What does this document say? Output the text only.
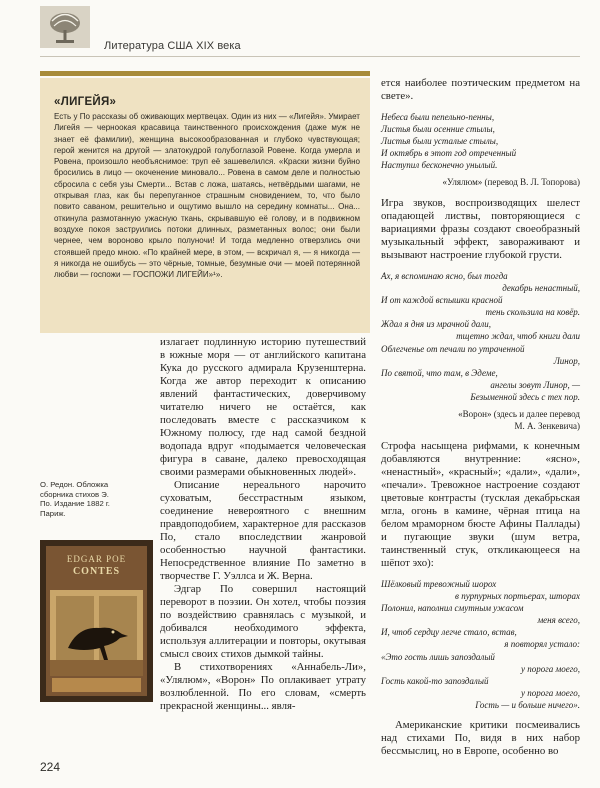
Литература США XIX века
«ЛИГЕЙЯ»

Есть у По рассказы об оживающих мертвецах. Один из них — «Лигейя». Умирает Лигейя — черноокая красавица таинственного происхождения (даже муж не знает её фамилии), женщина высокообразованная и глубоко чувствующая; герой женится на другой — златокудрой голубоглазой Ровене. Когда умерла и Ровена, произошло необъяснимое: труп её зашевелился. «Краски жизни буйно бросились в лицо — окоченение миновало... Ровена в самом деле и полностью сбросила с себя узы Смерти... Встав с ложа, шатаясь, нетвёрдыми шагами, не открывая глаз, как бы перепуганное страшным сновидением, то, что было повито саваном, решительно и ощутимо вышло на середину комнаты... Она... откинула размотанную ужасную ткань, скрывавшую её голову, и в подвижном воздухе покоя заструились потоки длинных, разметанных волос; они были чернее, чем вороново крыло полуночи! И тогда медленно отверзлись очи стоявшей предо мною. «По крайней мере, в этом, — вскричал я, — я никогда — я никогда не ошибусь — это чёрные, томные, безумные очи — моей потерянной любви — госпожи — ГОСПОЖИ ЛИГЕЙИ»¹».

излагает подлинную историю путешествий в южные моря — от английского капитана Кука до русского адмирала Крузенштерна. Когда же автор переходит к описанию явлений фантастических, доверчивому читателю ничего не остаётся, как последовать вместе с рассказчиком к Южному полюсу, где над самой бездной водопада вдруг «подымается человеческая фигура в саване, далеко превосходящая своими размерами обыкновенных людей».

Описание нереального нарочито суховатым, бесстрастным языком, соединение невероятного с внешним правдоподобием, характерное для рассказов По, стало впоследствии жанровой особенностью научной фантастики. Непосредственное влияние По заметно в творчестве Г. Уэллса и Ж. Верна.

Эдгар По совершил настоящий переворот в поэзии. Он хотел, чтобы поэзия по воздействию сравнялась с музыкой, и добивался необходимого эффекта, используя аллитерации и повторы, окутывая смысл своих стихов дымкой тайны.

В стихотворениях «Аннабель-Ли», «Улялюм», «Ворон» По оплакивает утрату возлюбленной. По его словам, «смерть прекрасной женщины... явля-

О. Редон. Обложка сборника стихов Э. По. Издание 1882 г. Париж.
EDGAR POE
CONTES

ется наиболее поэтическим предметом на свете».

Небеса были пепельно-пенны,

Листья были осенние стылы,

Листья были усталые стылы,

И октябрь в этот год отреченный

Наступил бесконечно унылый.

«Улялюм» (перевод В. Л. Топорова)

Игра звуков, воспроизводящих шелест опадающей листвы, повторяющиеся с вариациями фразы создают своеобразный музыкальный эффект, завораживают и вызывают настроение глубокой грусти.

Ах, я вспоминаю ясно, был тогда

декабрь ненастный,

И от каждой вспышки красной

тень скользила на ковёр.

Ждал я дня из мрачной дали,

тщетно ждал, чтоб книги дали

Облегченье от печали по утраченной

Линор,

По святой, что там, в Эдеме,

ангелы зовут Линор, —

Безыменной здесь с тех пор.

«Ворон» (здесь и далее перевод

М. А. Зенкевича)

Строфа насыщена рифмами, к конечным добавляются внутренние: «ясно», «ненастный», «красный»; «дали», «дали», «печали». Тревожное настроение создают цветовые контрасты (тусклая декабрьская мгла, огонь в камине, чёрная птица на белом мраморном бюсте Афины Паллады) и пугающие звуки (шум ветра, таинственный стук, откликающееся на шёпот эхо):

Шёлковый тревожный шорох

в пурпурных портьерах, шторах

Полонил, наполнил смутным ужасом

меня всего,

И, чтоб сердцу легче стало, встав,

я повторял устало:

«Это гость лишь запоздалый

у порога моего,

Гость какой-то запоздалый

у порога моего,

Гость — и больше ничего».

Американские критики посмеивались над стихами По, видя в них набор бессмыслиц, но в Европе, особенно во

224
